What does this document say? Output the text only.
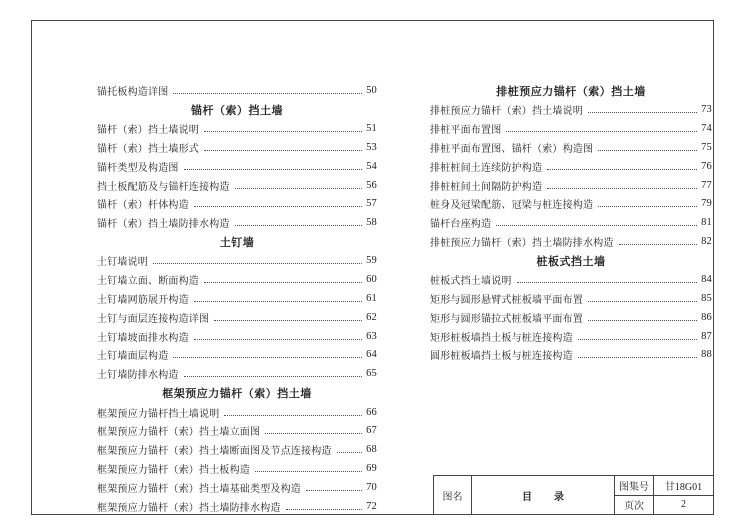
锚托板构造详图	50
锚杆（索）挡土墙
锚杆（索）挡土墙说明	51
锚杆（索）挡土墙形式	53
锚杆类型及构造图	54
挡土板配筋及与锚杆连接构造	56
锚杆（索）杆体构造	57
锚杆（索）挡土墙防排水构造	58
土钉墙
土钉墙说明	59
土钉墙立面、断面构造	60
土钉墙网筋展开构造	61
土钉与面层连接构造详图	62
土钉墙坡面排水构造	63
土钉墙面层构造	64
土钉墙防排水构造	65
框架预应力锚杆（索）挡土墙
框架预应力锚杆挡土墙说明	66
框架预应力锚杆（索）挡土墙立面图	67
框架预应力锚杆（索）挡土墙断面图及节点连接构造	68
框架预应力锚杆（索）挡土板构造	69
框架预应力锚杆（索）挡土墙基础类型及构造	70
框架预应力锚杆（索）挡土墙防排水构造	72
排桩预应力锚杆（索）挡土墙
排桩预应力锚杆（索）挡土墙说明	73
排桩平面布置图	74
排桩平面布置图、锚杆（索）构造图	75
排桩桩间土连续防护构造	76
排桩桩间土间隔防护构造	77
桩身及冠梁配筋、冠梁与桩连接构造	79
锚杆台座构造	81
排桩预应力锚杆（索）挡土墙防排水构造	82
桩板式挡土墙
桩板式挡土墙说明	84
矩形与圆形悬臂式桩板墙平面布置	85
矩形与圆形锚拉式桩板墙平面布置	86
矩形桩板墙挡土板与桩连接构造	87
圆形桩板墙挡土板与桩连接构造	88
图名	目录
图集号	甘18G01
页次	2
